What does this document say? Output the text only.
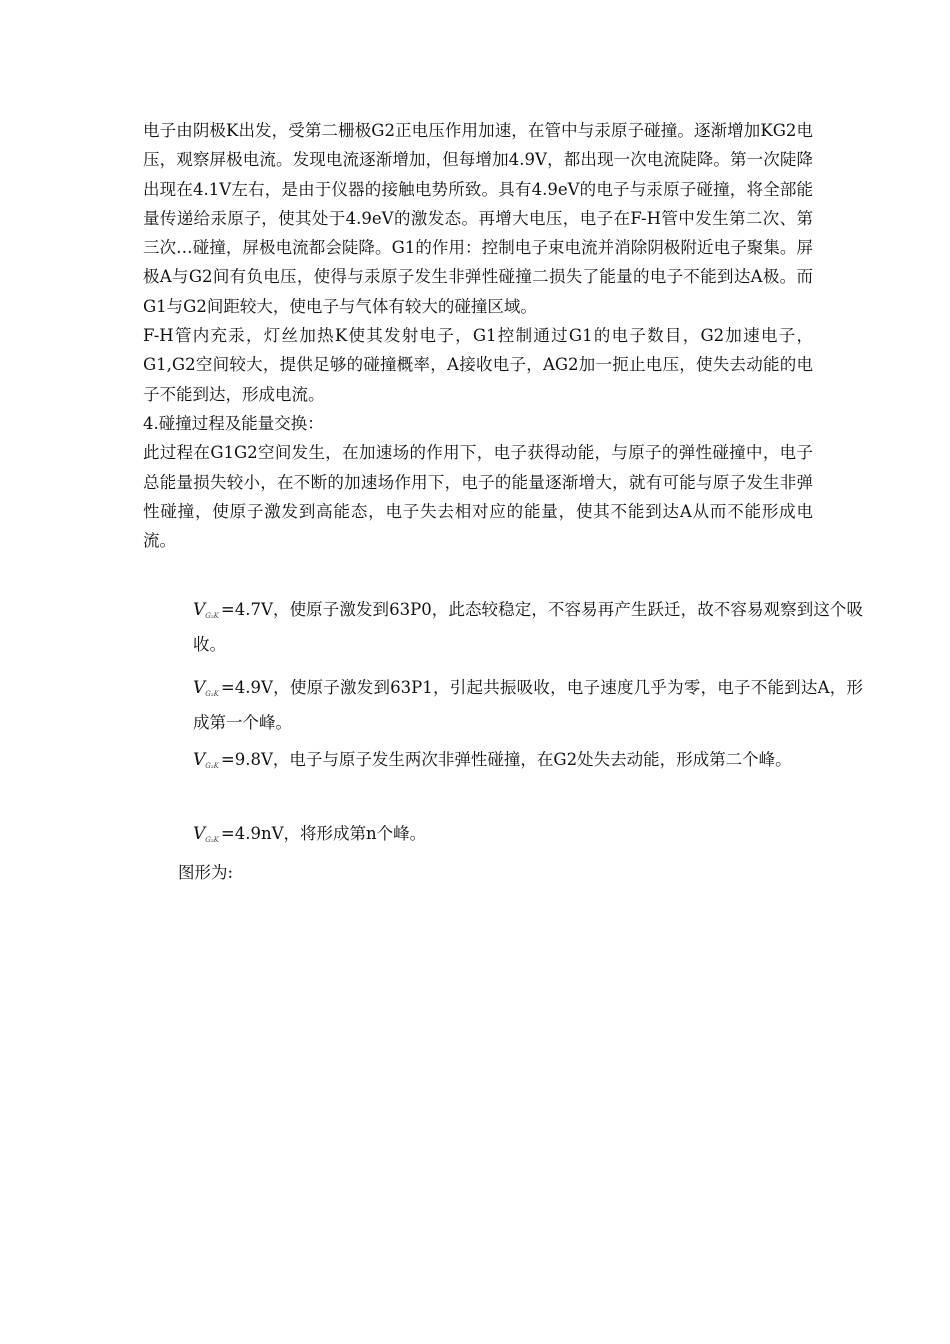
电子由阴极K出发，受第二栅极G2正电压作用加速，在管中与汞原子碰撞。逐渐增加KG2电压，观察屏极电流。发现电流逐渐增加，但每增加4.9V，都出现一次电流陡降。第一次陡降出现在4.1V左右，是由于仪器的接触电势所致。具有4.9eV的电子与汞原子碰撞，将全部能量传递给汞原子，使其处于4.9eV的激发态。再增大电压，电子在F-H管中发生第二次、第三次…碰撞，屏极电流都会陡降。G1的作用：控制电子束电流并消除阴极附近电子聚集。屏极A与G2间有负电压，使得与汞原子发生非弹性碰撞二损失了能量的电子不能到达A极。而G1与G2间距较大，使电子与气体有较大的碰撞区域。

F-H管内充汞，灯丝加热K使其发射电子，G1控制通过G1的电子数目，G2加速电子，G1,G2空间较大，提供足够的碰撞概率，A接收电子，AG2加一扼止电压，使失去动能的电子不能到达，形成电流。

4.碰撞过程及能量交换：

此过程在G1G2空间发生，在加速场的作用下，电子获得动能，与原子的弹性碰撞中，电子总能量损失较小，在不断的加速场作用下，电子的能量逐渐增大，就有可能与原子发生非弹性碰撞，使原子激发到高能态，电子失去相对应的能量，使其不能到达A从而不能形成电流。

VG₂K =4.7V，使原子激发到63P0，此态较稳定，不容易再产生跃迁，故不容易观察到这个吸收。
VG₂K =4.9V，使原子激发到63P1，引起共振吸收，电子速度几乎为零，电子不能到达A，形成第一个峰。
VG₂K =9.8V，电子与原子发生两次非弹性碰撞，在G2处失去动能，形成第二个峰。
VG₂K =4.9nV，将形成第n个峰。
图形为:
